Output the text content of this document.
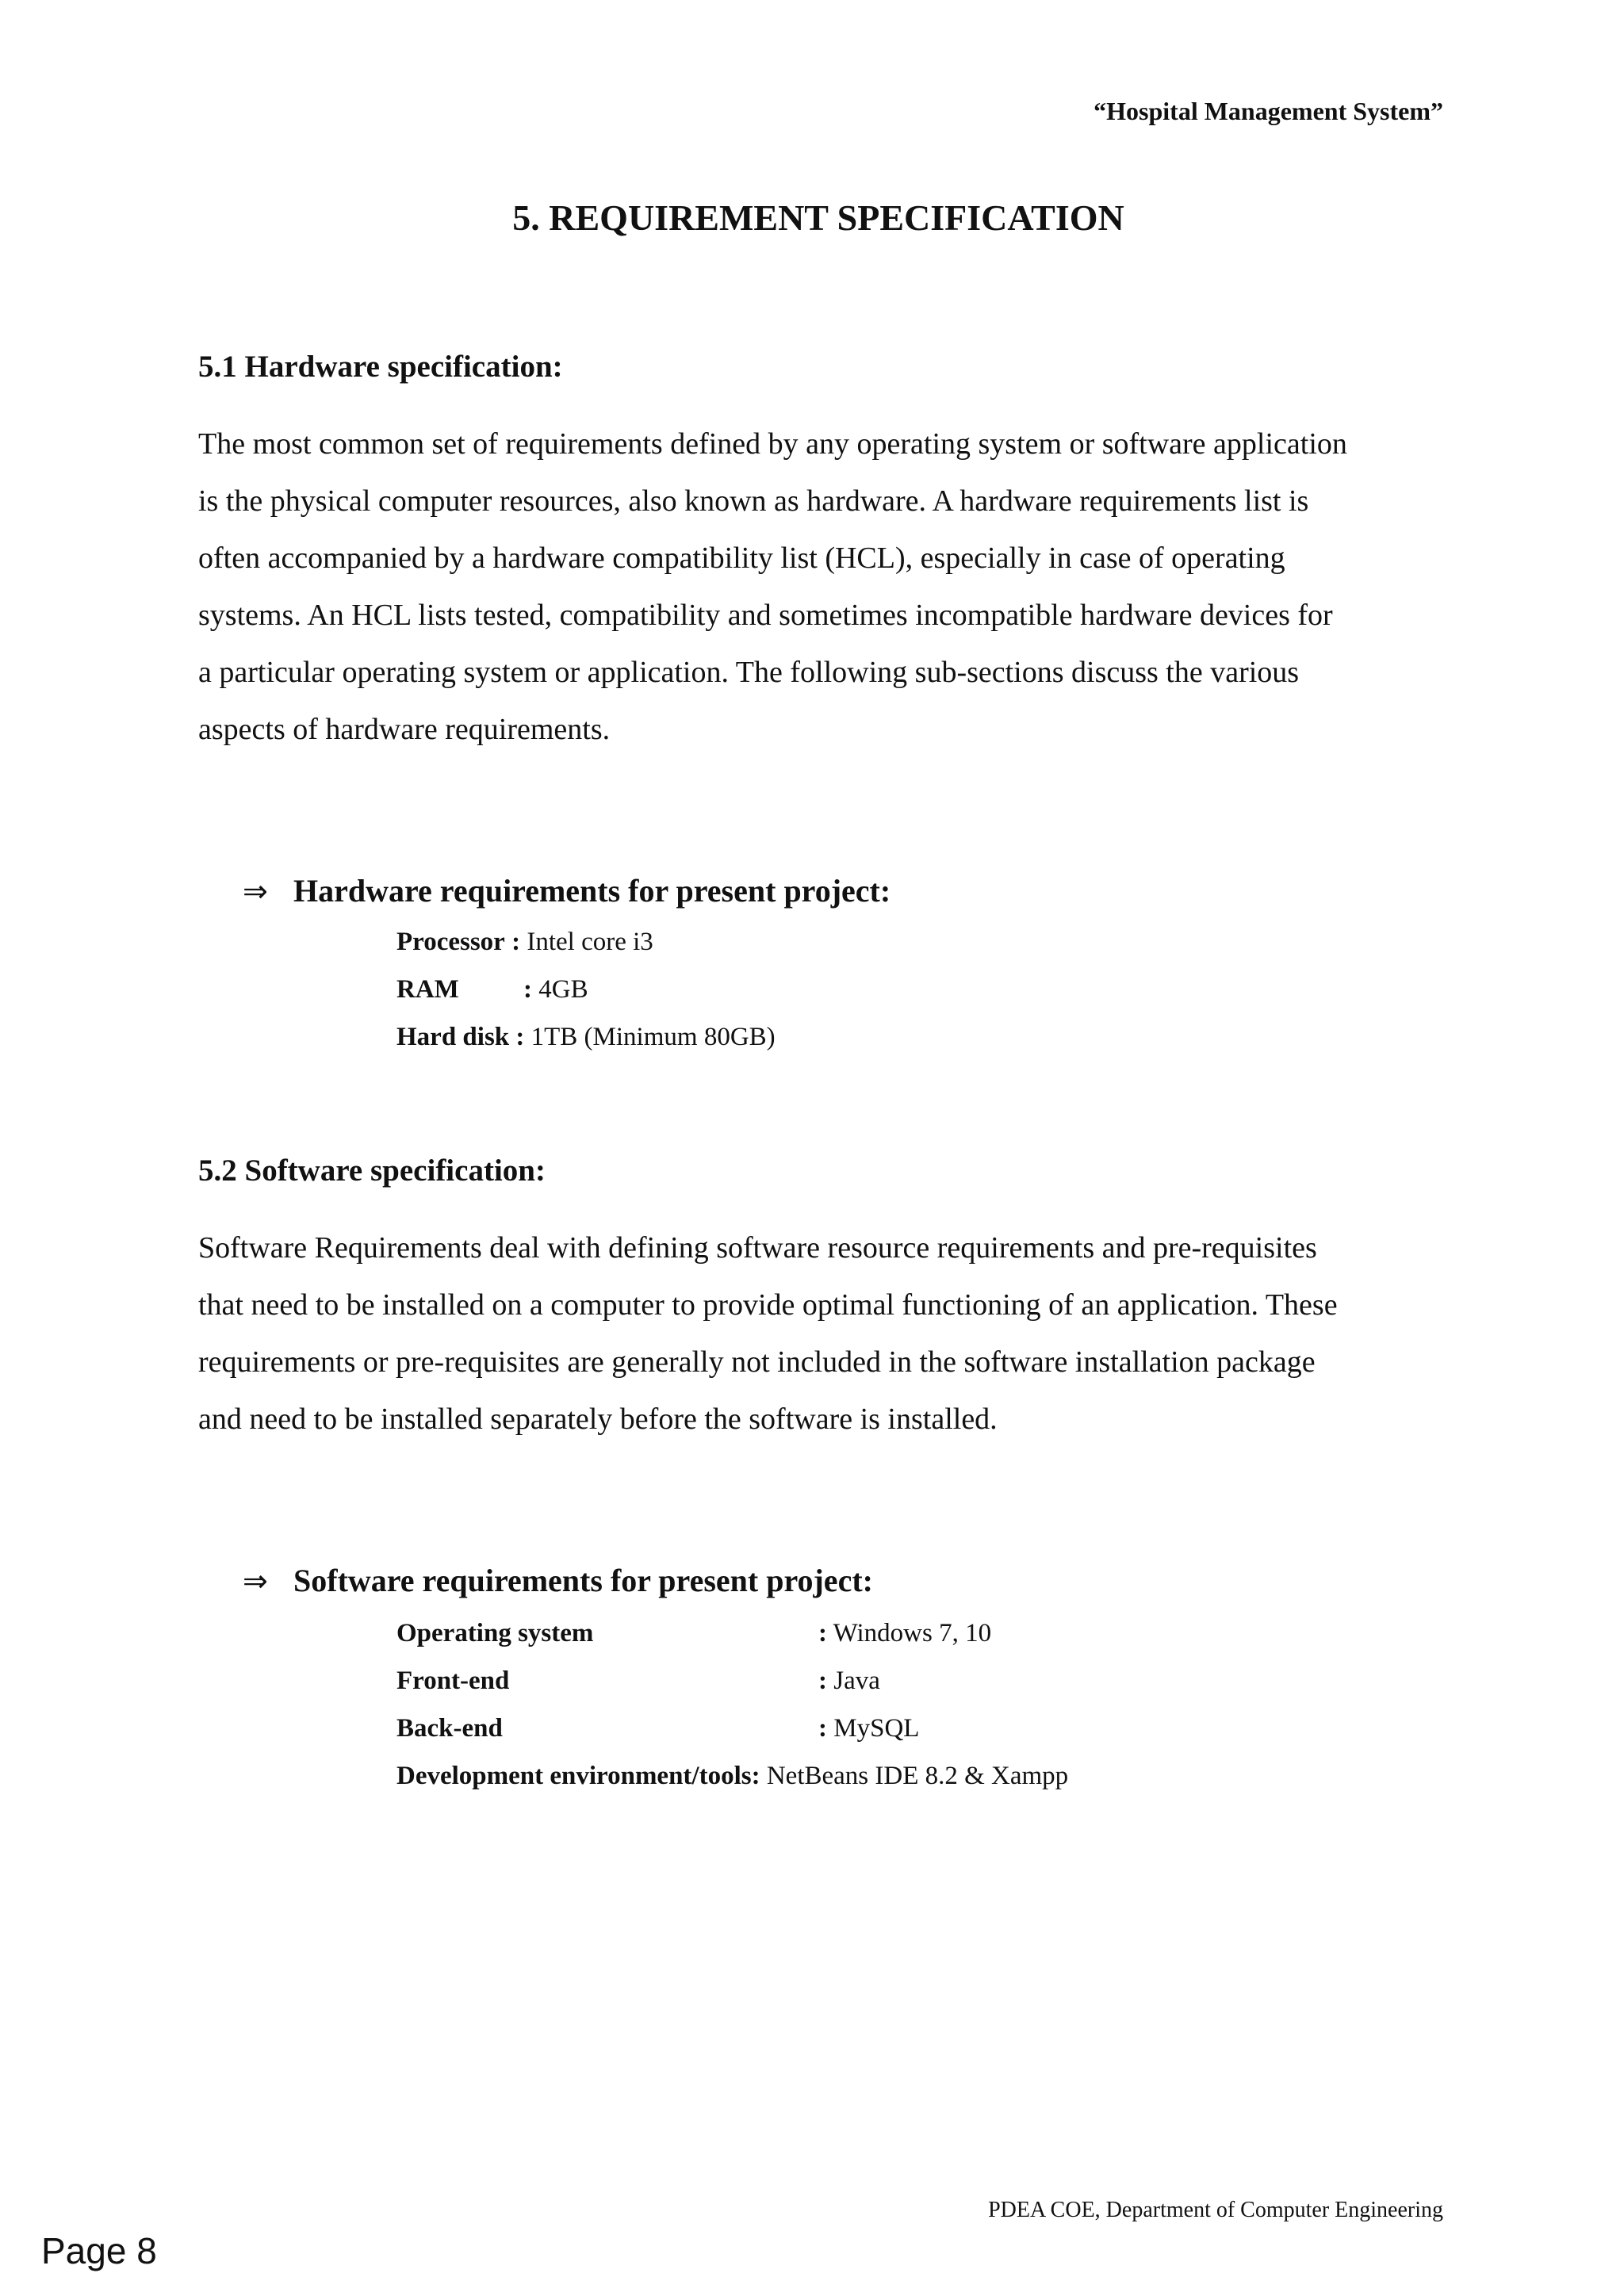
“Hospital Management System”
5. REQUIREMENT SPECIFICATION
5.1 Hardware specification:
The most common set of requirements defined by any operating system or software application
is the physical computer resources, also known as hardware. A hardware requirements list is
often accompanied by a hardware compatibility list (HCL), especially in case of operating
systems. An HCL lists tested, compatibility and sometimes incompatible hardware devices for
a particular operating system or application. The following sub-sections discuss the various
aspects of hardware requirements.
⇒ Hardware requirements for present project:
Processor : Intel core i3
RAM : 4GB
Hard disk : 1TB (Minimum 80GB)
5.2 Software specification:
Software Requirements deal with defining software resource requirements and pre-requisites
that need to be installed on a computer to provide optimal functioning of an application. These
requirements or pre-requisites are generally not included in the software installation package
and need to be installed separately before the software is installed.
⇒ Software requirements for present project:
Operating system	: Windows 7, 10
Front-end	: Java
Back-end	: MySQL
Development environment/tools: NetBeans IDE 8.2 & Xampp
PDEA COE, Department of Computer Engineering
Page 8
